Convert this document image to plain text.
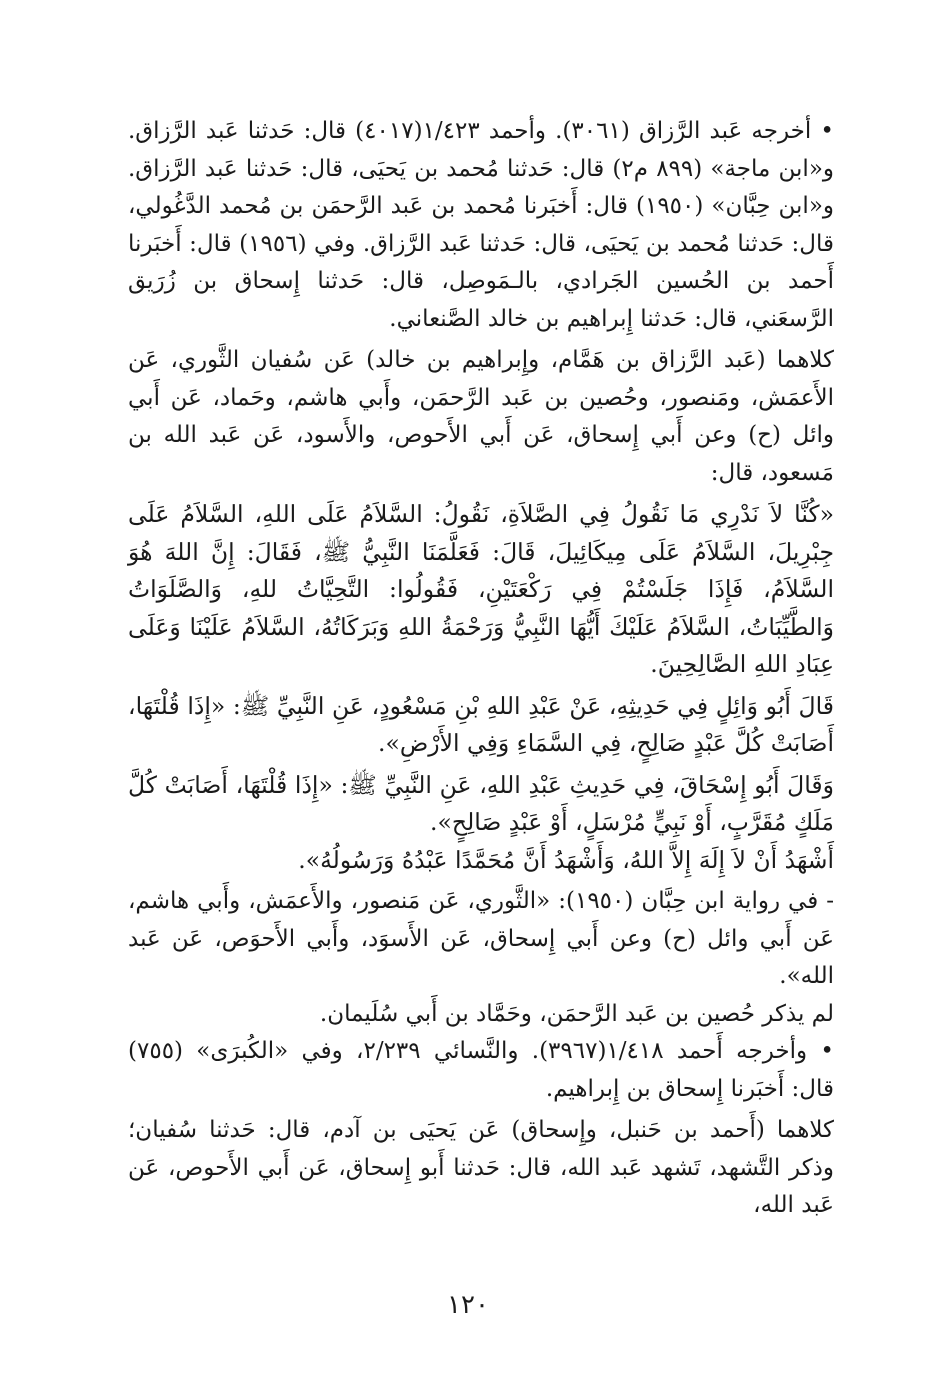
• أخرجه عَبد الرَّزاق (٣٠٦١). وأحمد ١/٤٢٣(٤٠١٧) قال: حَدثنا عَبد الرَّزاق. و«ابن ماجة» (٨٩٩ م٢) قال: حَدثنا مُحمد بن يَحيَى، قال: حَدثنا عَبد الرَّزاق. و«ابن حِبَّان» (١٩٥٠) قال: أَخبَرنا مُحمد بن عَبد الرَّحمَن بن مُحمد الدَّغُولي، قال: حَدثنا مُحمد بن يَحيَى، قال: حَدثنا عَبد الرَّزاق. وفي (١٩٥٦) قال: أَخبَرنا أَحمد بن الحُسين الجَرادي، بالـمَوصِل، قال: حَدثنا إِسحاق بن زُرَيق الرَّسعَني، قال: حَدثنا إِبراهيم بن خالد الصَّنعاني.

كلاهما (عَبد الرَّزاق بن هَمَّام، وإِبراهيم بن خالد) عَن سُفيان الثَّوري، عَن الأَعمَش، ومَنصور، وحُصين بن عَبد الرَّحمَن، وأَبي هاشم، وحَماد، عَن أَبي وائل (ح) وعن أَبي إِسحاق، عَن أَبي الأَحوص، والأَسود، عَن عَبد الله بن مَسعود، قال:

«كُنَّا لاَ نَدْرِي مَا نَقُولُ فِي الصَّلاَةِ، نَقُولُ: السَّلاَمُ عَلَى اللهِ، السَّلاَمُ عَلَى جِبْرِيلَ، السَّلاَمُ عَلَى مِيكَائِيلَ، قَالَ: فَعَلَّمَنَا النَّبِيُّ ﷺ، فَقَالَ: إِنَّ اللهَ هُوَ السَّلاَمُ، فَإِذَا جَلَسْتُمْ فِي رَكْعَتَيْنِ، فَقُولُوا: التَّحِيَّاتُ للهِ، وَالصَّلَوَاتُ وَالطَّيِّبَاتُ، السَّلاَمُ عَلَيْكَ أَيُّهَا النَّبِيُّ وَرَحْمَةُ اللهِ وَبَرَكَاتُهُ، السَّلاَمُ عَلَيْنَا وَعَلَى عِبَادِ اللهِ الصَّالِحِينَ.

قَالَ أَبُو وَائِلٍ فِي حَدِيثِهِ، عَنْ عَبْدِ اللهِ بْنِ مَسْعُودٍ، عَنِ النَّبِيِّ ﷺ: «إِذَا قُلْتَهَا، أَصَابَتْ كُلَّ عَبْدٍ صَالِحٍ، فِي السَّمَاءِ وَفِي الأَرْضِ».

وَقَالَ أَبُو إِسْحَاقَ، فِي حَدِيثِ عَبْدِ اللهِ، عَنِ النَّبِيِّ ﷺ: «إِذَا قُلْتَهَا، أَصَابَتْ كُلَّ مَلَكٍ مُقَرَّبٍ، أَوْ نَبِيٍّ مُرْسَلٍ، أَوْ عَبْدٍ صَالِحٍ».

أَشْهَدُ أَنْ لاَ إِلَهَ إِلاَّ اللهُ، وَأَشْهَدُ أَنَّ مُحَمَّدًا عَبْدُهُ وَرَسُولُهُ».

- في رواية ابن حِبَّان (١٩٥٠): «الثَّوري، عَن مَنصور، والأَعمَش، وأَبي هاشم، عَن أَبي وائل (ح) وعن أَبي إِسحاق، عَن الأَسوَد، وأَبي الأَحوَص، عَن عَبد الله».

لم يذكر حُصين بن عَبد الرَّحمَن، وحَمَّاد بن أَبي سُلَيمان.

• وأخرجه أَحمد ١/٤١٨(٣٩٦٧). والنَّسائي ٢/٢٣٩، وفي «الكُبرَى» (٧٥٥) قال: أَخبَرنا إِسحاق بن إِبراهيم.

كلاهما (أَحمد بن حَنبل، وإِسحاق) عَن يَحيَى بن آدم، قال: حَدثنا سُفيان؛ وذكر التَّشهد، تَشهد عَبد الله، قال: حَدثنا أَبو إِسحاق، عَن أَبي الأَحوص، عَن عَبد الله،

١٢٠
